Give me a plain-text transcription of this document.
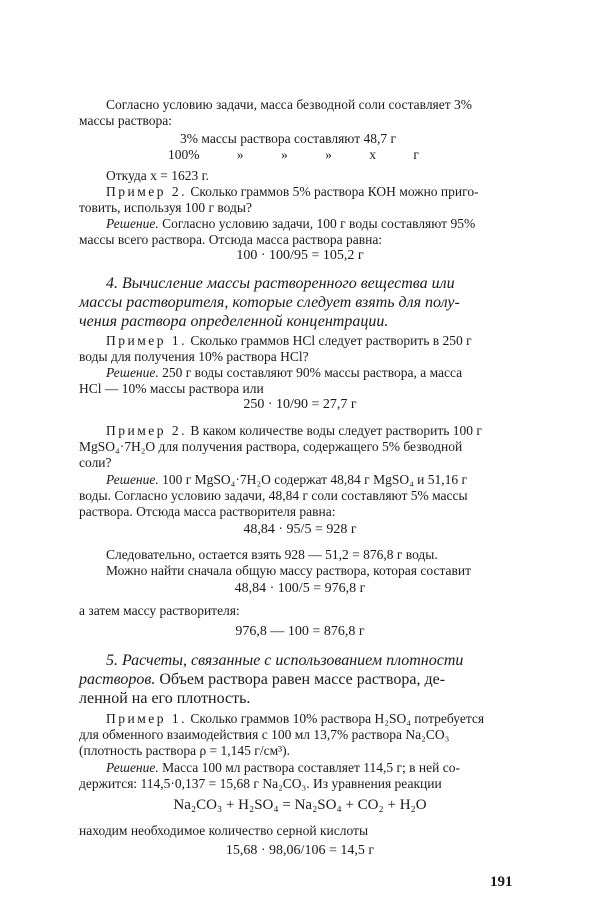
Согласно условию задачи, масса безводной соли составляет 3%
массы раствора:
3% массы раствора составляют 48,7 г
100% » » » x г
Откуда x = 1623 г.
Пример 2. Сколько граммов 5% раствора КОН можно приго-
товить, используя 100 г воды?
Решение. Согласно условию задачи, 100 г воды составляют 95%
массы всего раствора. Отсюда масса раствора равна:
100 · 100/95 = 105,2 г
4. Вычисление массы растворенного вещества или
массы растворителя, которые следует взять для полу-
чения раствора определенной концентрации.
Пример 1. Сколько граммов HCl следует растворить в 250 г
воды для получения 10% раствора HCl?
Решение. 250 г воды составляют 90% массы раствора, а масса
HCl — 10% массы раствора или
250 · 10/90 = 27,7 г
Пример 2. В каком количестве воды следует растворить 100 г
MgSO₄·7H₂O для получения раствора, содержащего 5% безводной
соли?
Решение. 100 г MgSO₄·7H₂O содержат 48,84 г MgSO₄ и 51,16 г
воды. Согласно условию задачи, 48,84 г соли составляют 5% массы
раствора. Отсюда масса растворителя равна:
48,84 · 95/5 = 928 г
Следовательно, остается взять 928 — 51,2 = 876,8 г воды.
Можно найти сначала общую массу раствора, которая составит
48,84 · 100/5 = 976,8 г
а затем массу растворителя:
976,8 — 100 = 876,8 г
5. Расчеты, связанные с использованием плотности
растворов. Объем раствора равен массе раствора, де-
ленной на его плотность.
Пример 1. Сколько граммов 10% раствора H₂SO₄ потребуется
для обменного взаимодействия с 100 мл 13,7% раствора Na₂CO₃
(плотность раствора ρ = 1,145 г/см³).
Решение. Масса 100 мл раствора составляет 114,5 г; в ней со-
держится: 114,5·0,137 = 15,68 г Na₂CO₃. Из уравнения реакции
Na₂CO₃ + H₂SO₄ = Na₂SO₄ + CO₂ + H₂O
находим необходимое количество серной кислоты
15,68 · 98,06/106 = 14,5 г
191
